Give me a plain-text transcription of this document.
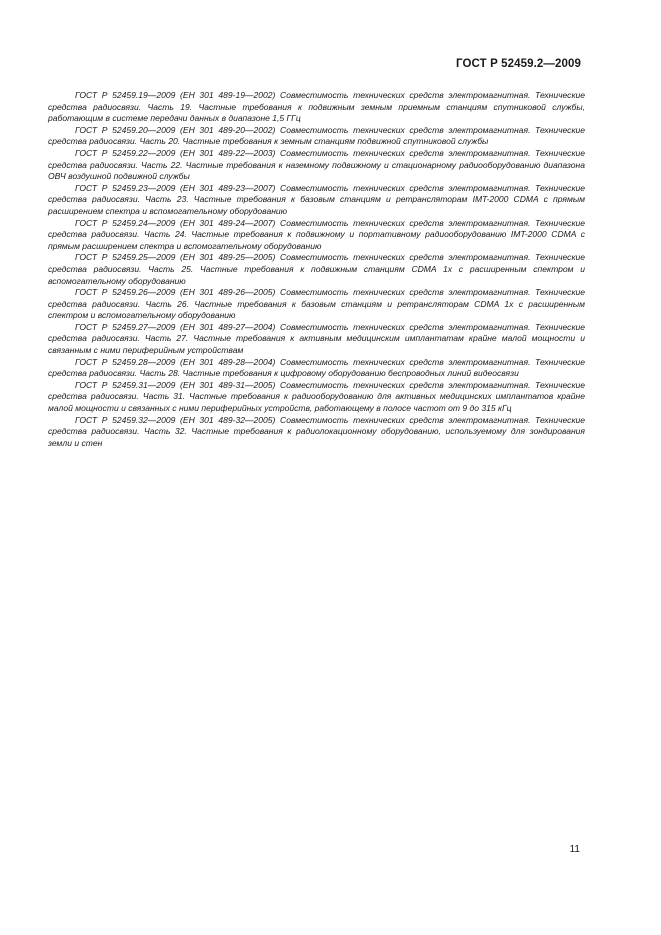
ГОСТ Р 52459.2—2009

ГОСТ Р 52459.19—2009 (ЕН 301 489-19—2002) Совместимость технических средств электромагнитная. Технические средства радиосвязи. Часть 19. Частные требования к подвижным земным приемным станциям спутниковой службы, работающим в системе передачи данных в диапазоне 1,5 ГГц

ГОСТ Р 52459.20—2009 (ЕН 301 489-20—2002) Совместимость технических средств электромагнитная. Технические средства радиосвязи. Часть 20. Частные требования к земным станциям подвижной спутниковой службы

ГОСТ Р 52459.22—2009 (ЕН 301 489-22—2003) Совместимость технических средств электромагнитная. Технические средства радиосвязи. Часть 22. Частные требования к наземному подвижному и стационарному радиооборудованию диапазона ОВЧ воздушной подвижной службы

ГОСТ Р 52459.23—2009 (ЕН 301 489-23—2007) Совместимость технических средств электромагнитная. Технические средства радиосвязи. Часть 23. Частные требования к базовым станциям и ретрансляторам IMT-2000 CDMA с прямым расширением спектра и вспомогательному оборудованию

ГОСТ Р 52459.24—2009 (ЕН 301 489-24—2007) Совместимость технических средств электромагнитная. Технические средства радиосвязи. Часть 24. Частные требования к подвижному и портативному радиооборудованию IMT-2000 CDMA с прямым расширением спектра и вспомогательному оборудованию

ГОСТ Р 52459.25—2009 (ЕН 301 489-25—2005) Совместимость технических средств электромагнитная. Технические средства радиосвязи. Часть 25. Частные требования к подвижным станциям CDMA 1x с расширенным спектром и вспомогательному оборудованию

ГОСТ Р 52459.26—2009 (ЕН 301 489-26—2005) Совместимость технических средств электромагнитная. Технические средства радиосвязи. Часть 26. Частные требования к базовым станциям и ретрансляторам CDMA 1x с расширенным спектром и вспомогательному оборудованию

ГОСТ Р 52459.27—2009 (ЕН 301 489-27—2004) Совместимость технических средств электромагнитная. Технические средства радиосвязи. Часть 27. Частные требования к активным медицинским имплантатам крайне малой мощности и связанным с ними периферийным устройствам

ГОСТ Р 52459.28—2009 (ЕН 301 489-28—2004) Совместимость технических средств электромагнитная. Технические средства радиосвязи. Часть 28. Частные требования к цифровому оборудованию беспроводных линий видеосвязи

ГОСТ Р 52459.31—2009 (ЕН 301 489-31—2005) Совместимость технических средств электромагнитная. Технические средства радиосвязи. Часть 31. Частные требования к радиооборудованию для активных медицинских имплантатов крайне малой мощности и связанных с ними периферийных устройств, работающему в полосе частот от 9 до 315 кГц

ГОСТ Р 52459.32—2009 (ЕН 301 489-32—2005) Совместимость технических средств электромагнитная. Технические средства радиосвязи. Часть 32. Частные требования к радиолокационному оборудованию, используемому для зондирования земли и стен

11
